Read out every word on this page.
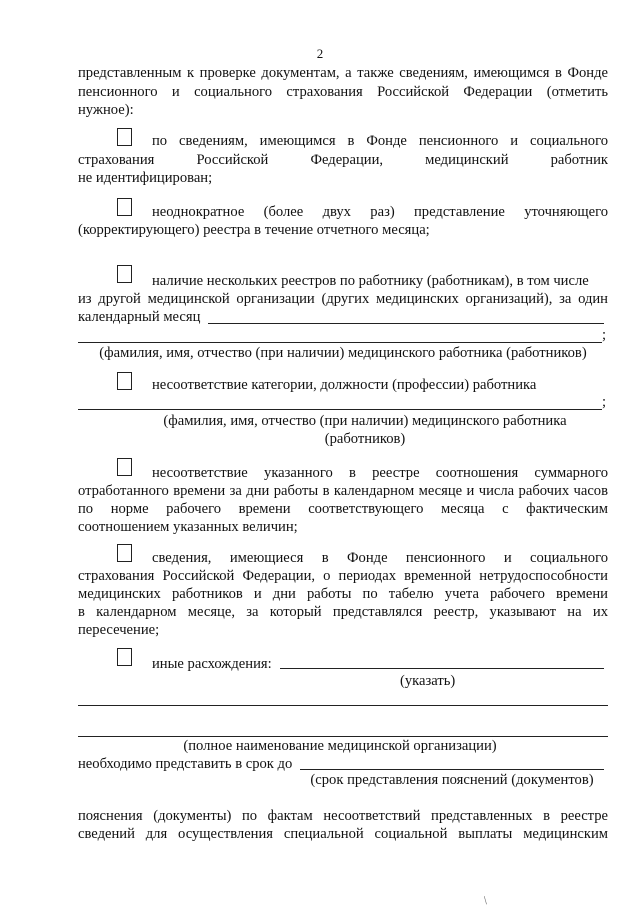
2
представленным к проверке документам, а также сведениям, имеющимся в Фонде
пенсионного и социального страхования Российской Федерации (отметить
нужное):
по сведениям, имеющимся в Фонде пенсионного и социального
страхования Российской Федерации, медицинский работник
не идентифицирован;
неоднократное (более двух раз) представление уточняющего
(корректирующего) реестра в течение отчетного месяца;
наличие нескольких реестров по работнику (работникам), в том числе
из другой медицинской организации (других медицинских организаций), за один
календарный месяц
;
(фамилия, имя, отчество (при наличии) медицинского работника (работников)
несоответствие категории, должности (профессии) работника
;
(фамилия, имя, отчество (при наличии) медицинского работника
(работников)
несоответствие указанного в реестре соотношения суммарного
отработанного времени за дни работы в календарном месяце и числа рабочих часов
по норме рабочего времени соответствующего месяца с фактическим
соотношением указанных величин;
сведения, имеющиеся в Фонде пенсионного и социального
страхования Российской Федерации, о периодах временной нетрудоспособности
медицинских работников и дни работы по табелю учета рабочего времени
в календарном месяце, за который представлялся реестр, указывают на их
пересечение;
иные расхождения:
(указать)
(полное наименование медицинской организации)
необходимо представить в срок до
(срок представления пояснений (документов)
пояснения (документы) по фактам несоответствий представленных в реестре
сведений для осуществления специальной социальной выплаты медицинским
/
